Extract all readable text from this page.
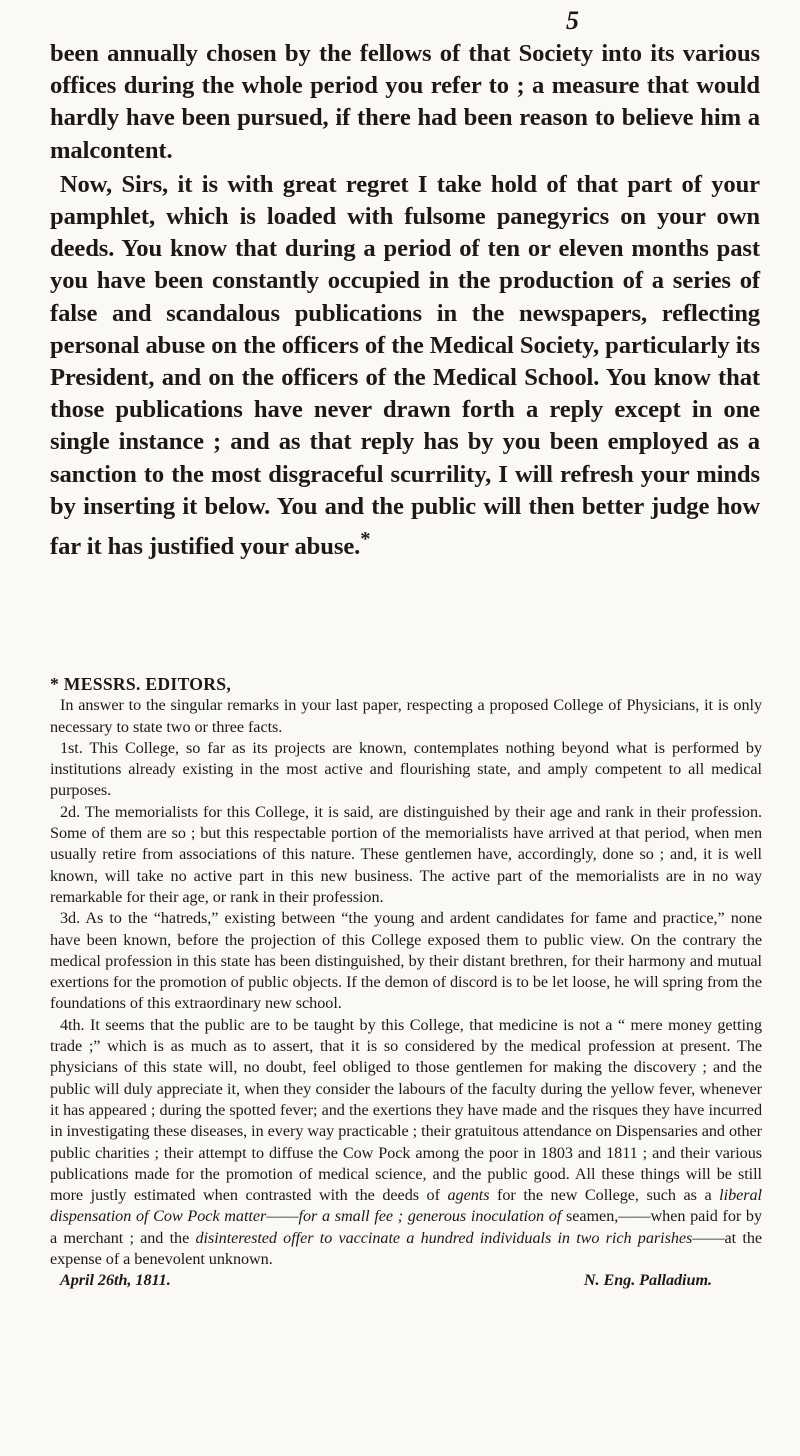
5

been annually chosen by the fellows of that Society into its various offices during the whole period you refer to ; a measure that would hardly have been pursued, if there had been reason to believe him a malcontent.

Now, Sirs, it is with great regret I take hold of that part of your pamphlet, which is loaded with fulsome panegyrics on your own deeds. You know that during a period of ten or eleven months past you have been constantly occupied in the production of a series of false and scandalous publications in the newspapers, reflecting personal abuse on the officers of the Medical Society, particularly its President, and on the officers of the Medical School. You know that those publications have never drawn forth a reply except in one single instance ; and as that reply has by you been employed as a sanction to the most disgraceful scurrility, I will refresh your minds by inserting it below. You and the public will then better judge how far it has justified your abuse.*

* MESSRS. EDITORS,

In answer to the singular remarks in your last paper, respecting a proposed College of Physicians, it is only necessary to state two or three facts.

1st. This College, so far as its projects are known, contemplates nothing beyond what is performed by institutions already existing in the most active and flourishing state, and amply competent to all medical purposes.

2d. The memorialists for this College, it is said, are distinguished by their age and rank in their profession. Some of them are so ; but this respectable portion of the memorialists have arrived at that period, when men usually retire from associations of this nature. These gentlemen have, accordingly, done so ; and, it is well known, will take no active part in this new business. The active part of the memorialists are in no way remarkable for their age, or rank in their profession.

3d. As to the “hatreds,” existing between “the young and ardent candidates for fame and practice,” none have been known, before the projection of this College exposed them to public view. On the contrary the medical profession in this state has been distinguished, by their distant brethren, for their harmony and mutual exertions for the promotion of public objects. If the demon of discord is to be let loose, he will spring from the foundations of this extraordinary new school.

4th. It seems that the public are to be taught by this College, that medicine is not a “ mere money getting trade ;” which is as much as to assert, that it is so considered by the medical profession at present. The physicians of this state will, no doubt, feel obliged to those gentlemen for making the discovery ; and the public will duly appreciate it, when they consider the labours of the faculty during the yellow fever, whenever it has appeared ; during the spotted fever; and the exertions they have made and the risques they have incurred in investigating these diseases, in every way practicable ; their gratuitous attendance on Dispensaries and other public charities ; their attempt to diffuse the Cow Pock among the poor in 1803 and 1811 ; and their various publications made for the promotion of medical science, and the public good. All these things will be still more justly estimated when contrasted with the deeds of agents for the new College, such as a liberal dispensation of Cow Pock matter——for a small fee ; generous inoculation of seamen,——when paid for by a merchant ; and the disinterested offer to vaccinate a hundred individuals in two rich parishes——at the expense of a benevolent unknown.

April 26th, 1811.	N. Eng. Palladium.
